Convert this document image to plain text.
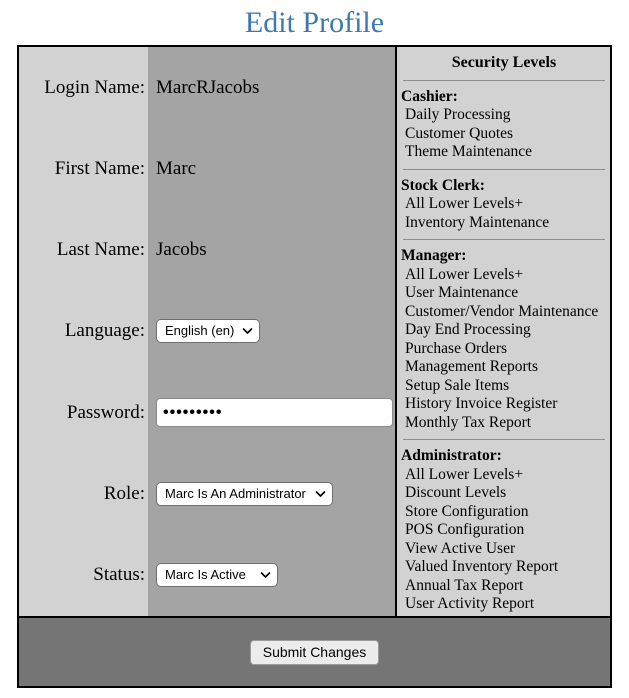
Edit Profile
Login Name: MarcRJacobs
First Name: Marc
Last Name: Jacobs
Language:
English (en)
Password:
•••••••••
Role:
Marc Is An Administrator
Status:
Marc Is Active
Security Levels
Cashier:
Daily Processing
Customer Quotes
Theme Maintenance
Stock Clerk:
All Lower Levels+
Inventory Maintenance
Manager:
All Lower Levels+
User Maintenance
Customer/Vendor Maintenance
Day End Processing
Purchase Orders
Management Reports
Setup Sale Items
History Invoice Register
Monthly Tax Report
Administrator:
All Lower Levels+
Discount Levels
Store Configuration
POS Configuration
View Active User
Valued Inventory Report
Annual Tax Report
User Activity Report
Submit Changes
